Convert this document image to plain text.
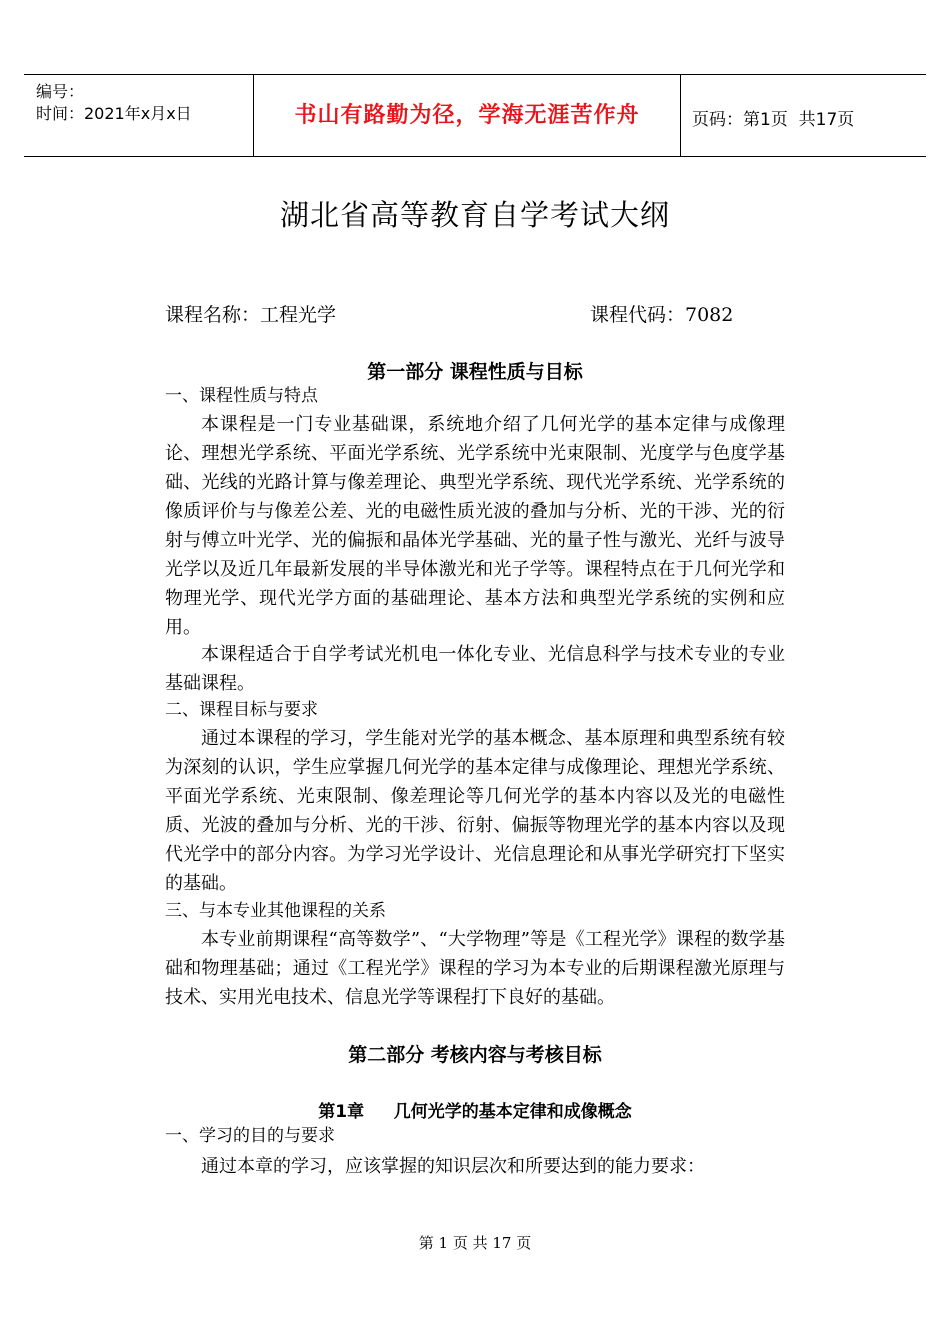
编号：
时间：2021年x月x日	书山有路勤为径，学海无涯苦作舟	页码：第1页  共17页
湖北省高等教育自学考试大纲
课程名称：工程光学	课程代码：7082
第一部分 课程性质与目标
一、课程性质与特点

本课程是一门专业基础课，系统地介绍了几何光学的基本定律与成像理论、理想光学系统、平面光学系统、光学系统中光束限制、光度学与色度学基础、光线的光路计算与像差理论、典型光学系统、现代光学系统、光学系统的像质评价与与像差公差、光的电磁性质光波的叠加与分析、光的干涉、光的衍射与傅立叶光学、光的偏振和晶体光学基础、光的量子性与激光、光纤与波导光学以及近几年最新发展的半导体激光和光子学等。课程特点在于几何光学和物理光学、现代光学方面的基础理论、基本方法和典型光学系统的实例和应用。

本课程适合于自学考试光机电一体化专业、光信息科学与技术专业的专业基础课程。

二、课程目标与要求

通过本课程的学习，学生能对光学的基本概念、基本原理和典型系统有较为深刻的认识，学生应掌握几何光学的基本定律与成像理论、理想光学系统、平面光学系统、光束限制、像差理论等几何光学的基本内容以及光的电磁性质、光波的叠加与分析、光的干涉、衍射、偏振等物理光学的基本内容以及现代光学中的部分内容。为学习光学设计、光信息理论和从事光学研究打下坚实的基础。

三、与本专业其他课程的关系

本专业前期课程“高等数学”、“大学物理”等是《工程光学》课程的数学基础和物理基础；通过《工程光学》课程的学习为本专业的后期课程激光原理与技术、实用光电技术、信息光学等课程打下良好的基础。

第二部分 考核内容与考核目标
第1章     几何光学的基本定律和成像概念
一、学习的目的与要求

通过本章的学习，应该掌握的知识层次和所要达到的能力要求：

第 1 页 共 17 页
